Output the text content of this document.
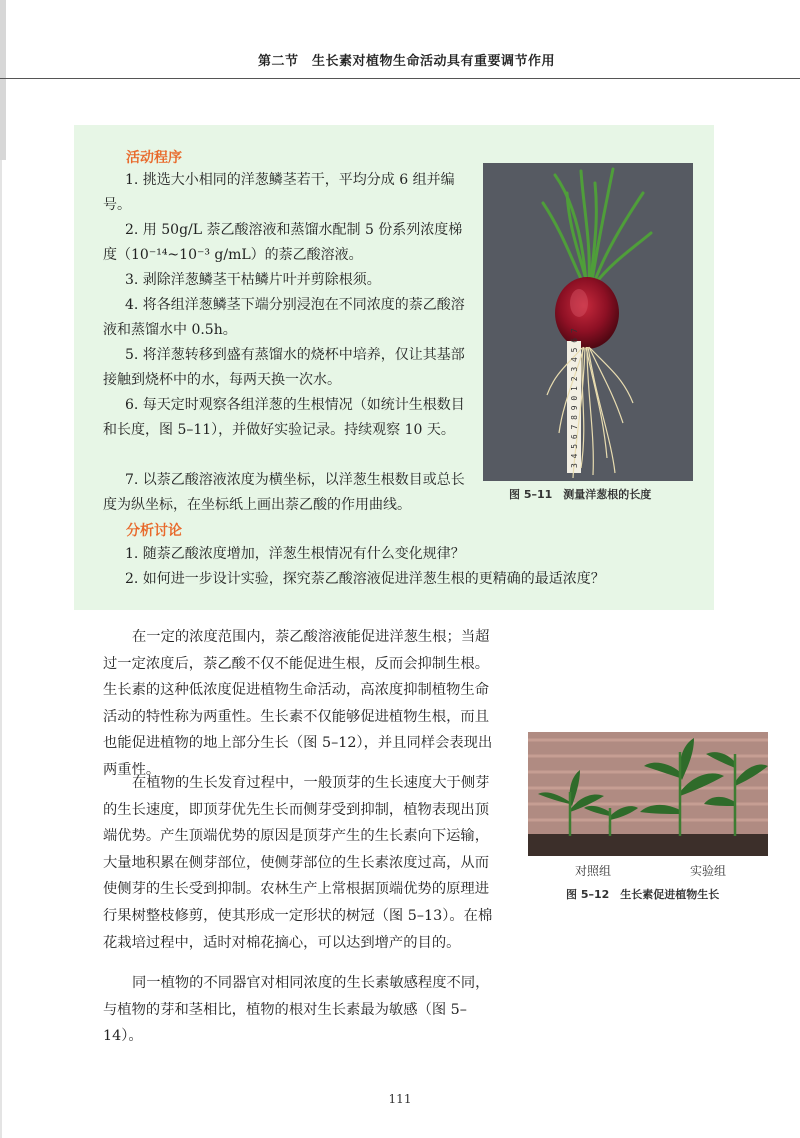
第二节　生长素对植物生命活动具有重要调节作用
活动程序
1. 挑选大小相同的洋葱鳞茎若干，平均分成 6 组并编号。
2. 用 50g/L 萘乙酸溶液和蒸馏水配制 5 份系列浓度梯度（10⁻¹⁴~10⁻³ g/mL）的萘乙酸溶液。
3. 剥除洋葱鳞茎干枯鳞片叶并剪除根须。
4. 将各组洋葱鳞茎下端分别浸泡在不同浓度的萘乙酸溶液和蒸馏水中 0.5h。
5. 将洋葱转移到盛有蒸馏水的烧杯中培养，仅让其基部接触到烧杯中的水，每两天换一次水。
6. 每天定时观察各组洋葱的生根情况（如统计生根数目和长度，图 5–11），并做好实验记录。持续观察 10 天。
7. 以萘乙酸溶液浓度为横坐标，以洋葱生根数目或总长度为纵坐标，在坐标纸上画出萘乙酸的作用曲线。
分析讨论
1. 随萘乙酸浓度增加，洋葱生根情况有什么变化规律？
2. 如何进一步设计实验，探究萘乙酸溶液促进洋葱生根的更精确的最适浓度？
3 4 5 6 7 8 9 0 1 2 3 4 5 6 7
图 5–11　测量洋葱根的长度

在一定的浓度范围内，萘乙酸溶液能促进洋葱生根；当超过一定浓度后，萘乙酸不仅不能促进生根，反而会抑制生根。生长素的这种低浓度促进植物生命活动，高浓度抑制植物生命活动的特性称为两重性。生长素不仅能够促进植物生根，而且也能促进植物的地上部分生长（图 5–12），并且同样会表现出两重性。

在植物的生长发育过程中，一般顶芽的生长速度大于侧芽的生长速度，即顶芽优先生长而侧芽受到抑制，植物表现出顶端优势。产生顶端优势的原因是顶芽产生的生长素向下运输，大量地积累在侧芽部位，使侧芽部位的生长素浓度过高，从而使侧芽的生长受到抑制。农林生产上常根据顶端优势的原理进行果树整枝修剪，使其形成一定形状的树冠（图 5–13）。在棉花栽培过程中，适时对棉花摘心，可以达到增产的目的。

同一植物的不同器官对相同浓度的生长素敏感程度不同，与植物的芽和茎相比，植物的根对生长素最为敏感（图 5–14）。

对照组	实验组
图 5–12　生长素促进植物生长
111
